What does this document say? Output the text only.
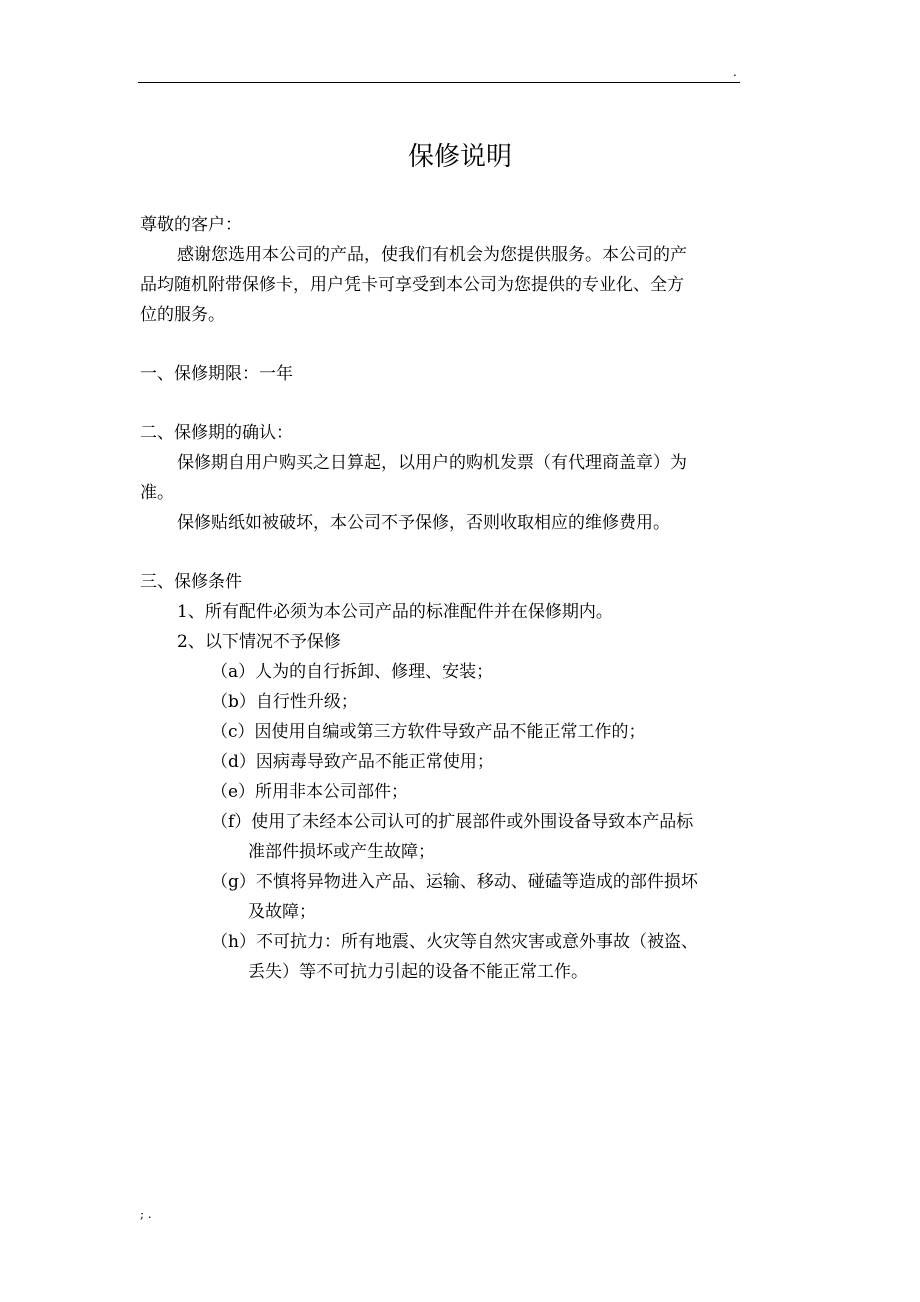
.
保修说明
尊敬的客户：
感谢您选用本公司的产品，使我们有机会为您提供服务。本公司的产
品均随机附带保修卡，用户凭卡可享受到本公司为您提供的专业化、全方
位的服务。
一、保修期限：一年
二、保修期的确认：
保修期自用户购买之日算起，以用户的购机发票（有代理商盖章）为
准。
保修贴纸如被破坏，本公司不予保修，否则收取相应的维修费用。
三、保修条件
1、所有配件必须为本公司产品的标准配件并在保修期内。
2、以下情况不予保修
（a）人为的自行拆卸、修理、安装；
（b）自行性升级；
（c）因使用自编或第三方软件导致产品不能正常工作的；
（d）因病毒导致产品不能正常使用；
（e）所用非本公司部件；
（f）使用了未经本公司认可的扩展部件或外围设备导致本产品标
准部件损坏或产生故障；
（g）不慎将异物进入产品、运输、移动、碰磕等造成的部件损坏
及故障；
（h）不可抗力：所有地震、火灾等自然灾害或意外事故（被盗、
丢失）等不可抗力引起的设备不能正常工作。
; .
